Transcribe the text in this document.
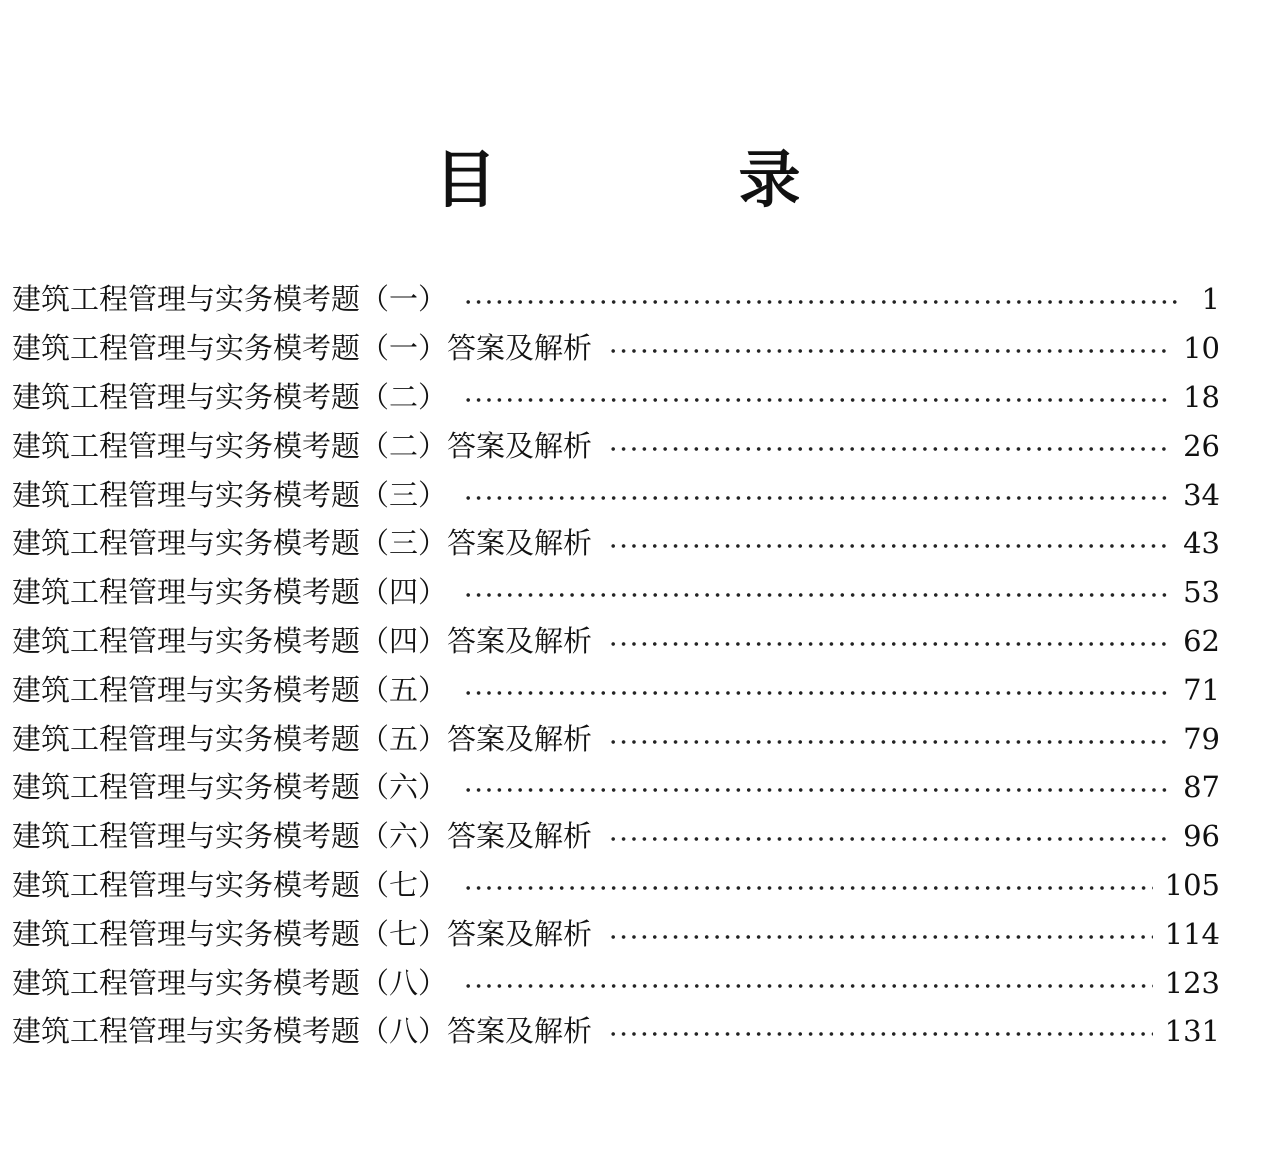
目　录
建筑工程管理与实务模考题（一）	1
建筑工程管理与实务模考题（一）答案及解析	10
建筑工程管理与实务模考题（二）	18
建筑工程管理与实务模考题（二）答案及解析	26
建筑工程管理与实务模考题（三）	34
建筑工程管理与实务模考题（三）答案及解析	43
建筑工程管理与实务模考题（四）	53
建筑工程管理与实务模考题（四）答案及解析	62
建筑工程管理与实务模考题（五）	71
建筑工程管理与实务模考题（五）答案及解析	79
建筑工程管理与实务模考题（六）	87
建筑工程管理与实务模考题（六）答案及解析	96
建筑工程管理与实务模考题（七）	105
建筑工程管理与实务模考题（七）答案及解析	114
建筑工程管理与实务模考题（八）	123
建筑工程管理与实务模考题（八）答案及解析	131
